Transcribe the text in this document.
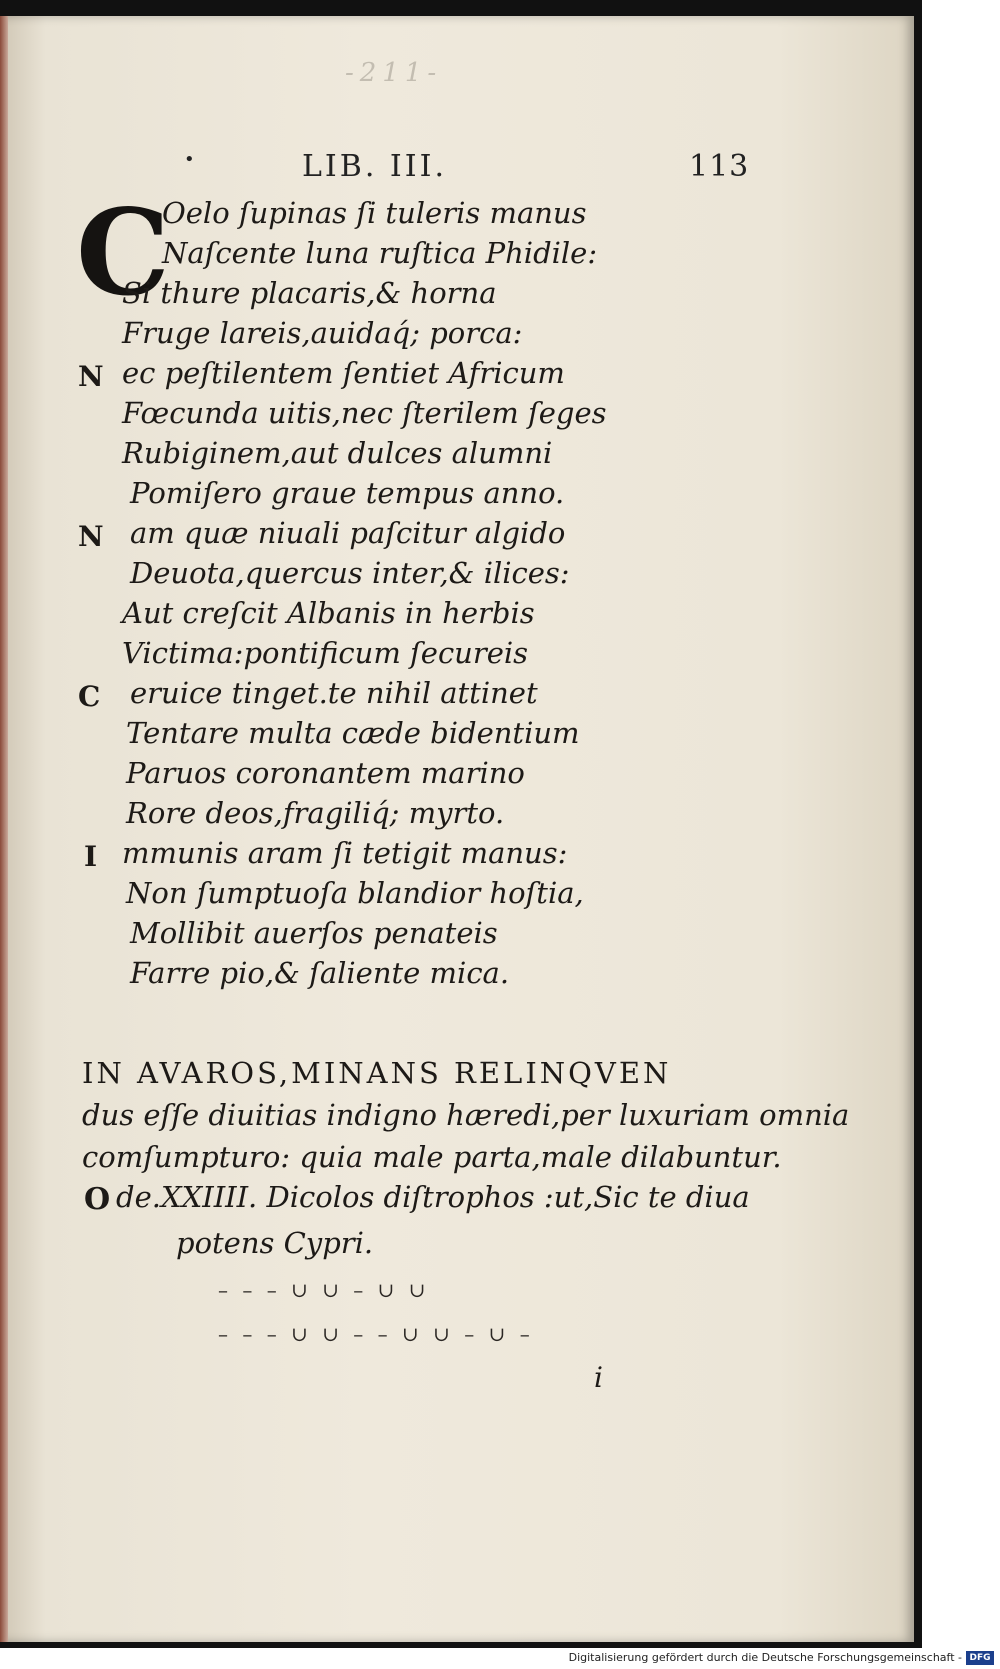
-211-
•	LIB. III.	113
C
Oelo ſupinas ſi tuleris manus
Naſcente luna ruſtica Phidile:
Si thure placaris,& horna
Fruge lareis,auidaq́; porca:
N ec peſtilentem ſentiet Africum
Fœcunda uitis,nec ſterilem ſeges
Rubiginem,aut dulces alumni
Pomiſero graue tempus anno.
N am quæ niuali paſcitur algido
Deuota,quercus inter,& ilices:
Aut creſcit Albanis in herbis
Victima:pontificum ſecureis
C eruice tinget.te nihil attinet
Tentare multa cæde bidentium
Paruos coronantem marino
Rore deos,fragiliq́; myrto.
I mmunis aram ſi tetigit manus:
Non ſumptuoſa blandior hoſtia,
Mollibit auerſos penateis
Farre pio,& ſaliente mica.
IN AVAROS,MINANS RELINQVEN
dus eſſe diuitias indigno hæredi,per luxuriam omnia
comſumpturo: quia male parta,male dilabuntur.
O de.XXIIII. Dicolos diſtrophos :ut,Sic te diua
potens Cypri.
– – – ∪ ∪ – ∪ ∪
– – – ∪ ∪ – – ∪ ∪ – ∪ –
i
Digitalisierung gefördert durch die Deutsche Forschungsgemeinschaft - DFG
